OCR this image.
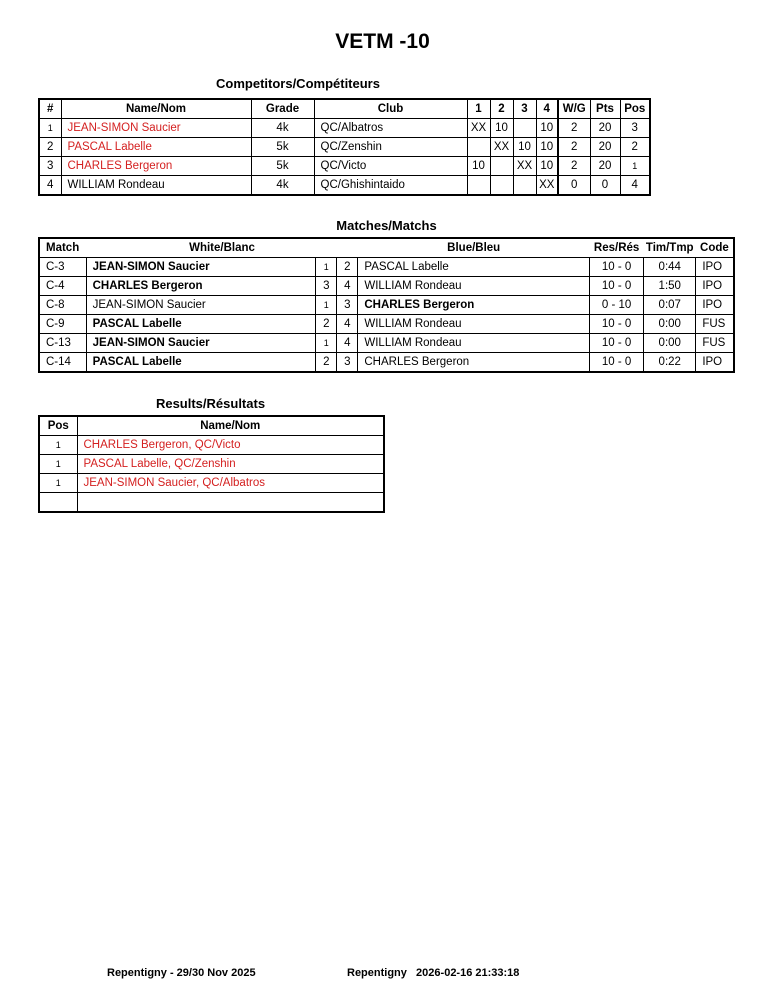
VETM -10
Competitors/Compétiteurs
#	Name/Nom	Grade	Club	1	2	3	4	W/G	Pts	Pos
1	JEAN-SIMON Saucier	4k	QC/Albatros	XX	10		10	2	20	3
2	PASCAL Labelle	5k	QC/Zenshin		XX	10	10	2	20	2
3	CHARLES Bergeron	5k	QC/Victo	10		XX	10	2	20	1
4	WILLIAM Rondeau	4k	QC/Ghishintaido				XX	0	0	4
Matches/Matchs
Match	White/Blanc			Blue/Bleu	Res/Rés	Tim/Tmp	Code
C-3	JEAN-SIMON Saucier	1	2	PASCAL Labelle	10 - 0	0:44	IPO
C-4	CHARLES Bergeron	3	4	WILLIAM Rondeau	10 - 0	1:50	IPO
C-8	JEAN-SIMON Saucier	1	3	CHARLES Bergeron	0 - 10	0:07	IPO
C-9	PASCAL Labelle	2	4	WILLIAM Rondeau	10 - 0	0:00	FUS
C-13	JEAN-SIMON Saucier	1	4	WILLIAM Rondeau	10 - 0	0:00	FUS
C-14	PASCAL Labelle	2	3	CHARLES Bergeron	10 - 0	0:22	IPO
Results/Résultats
Pos	Name/Nom
1	CHARLES Bergeron, QC/Victo
1	PASCAL Labelle, QC/Zenshin
1	JEAN-SIMON Saucier, QC/Albatros

Repentigny - 29/30 Nov 2025	Repentigny   2026-02-16 21:33:18
